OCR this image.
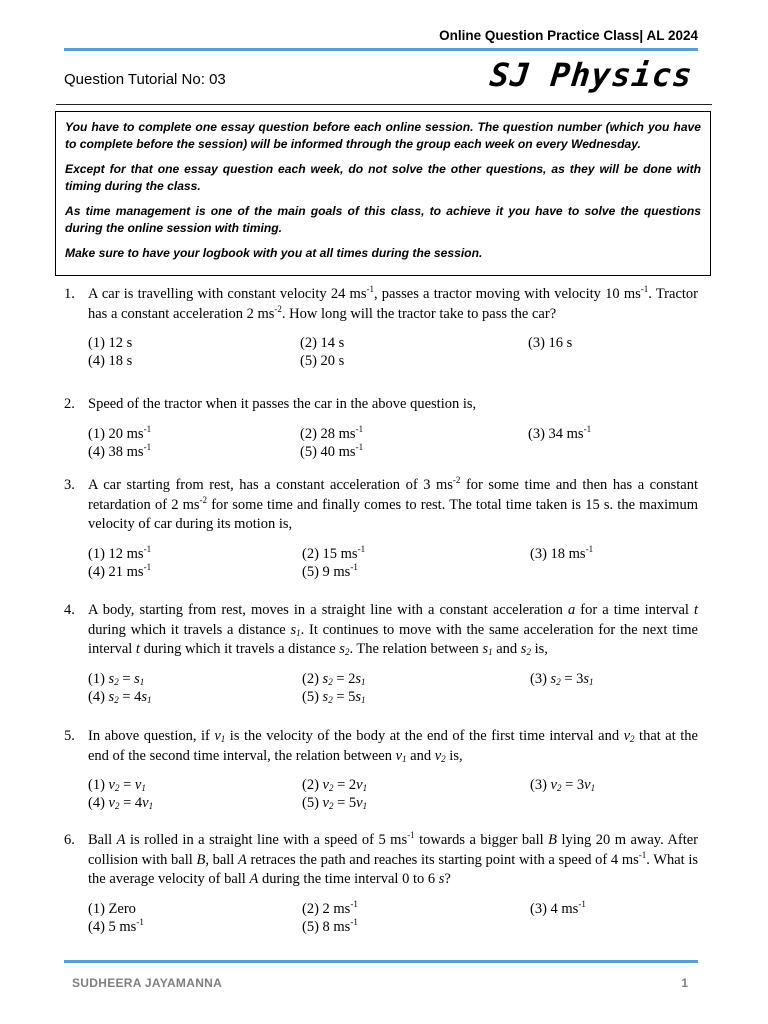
Online Question Practice Class| AL 2024
Question Tutorial No: 03	SJ Physics

You have to complete one essay question before each online session. The question number (which you have to complete before the session) will be informed through the group each week on every Wednesday.

Except for that one essay question each week, do not solve the other questions, as they will be done with timing during the class.

As time management is one of the main goals of this class, to achieve it you have to solve the questions during the online session with timing.

Make sure to have your logbook with you at all times during the session.

1. A car is travelling with constant velocity 24 $ms^{-1}$, passes a tractor moving with velocity 10 $ms^{-1}$. Tractor has a constant acceleration 2 $ms^{-2}$. How long will the tractor take to pass the car?
(1) 12 s	(2) 14 s	(3) 16 s
(4) 18 s	(5) 20 s
2. Speed of the tractor when it passes the car in the above question is,
(1) 20 $ms^{-1}$	(2) 28 $ms^{-1}$	(3) 34 $ms^{-1}$
(4) 38 $ms^{-1}$	(5) 40 $ms^{-1}$
3. A car starting from rest, has a constant acceleration of 3 $ms^{-2}$ for some time and then has a constant retardation of 2 $ms^{-2}$ for some time and finally comes to rest. The total time taken is 15 s. the maximum velocity of car during its motion is,
(1) 12 $ms^{-1}$	(2) 15 $ms^{-1}$	(3) 18 $ms^{-1}$
(4) 21 $ms^{-1}$	(5) 9 $ms^{-1}$
4. A body, starting from rest, moves in a straight line with a constant acceleration a for a time interval t during which it travels a distance $s_1$. It continues to move with the same acceleration for the next time interval t during which it travels a distance $s_2$. The relation between $s_1$ and $s_2$ is,
(1) $s_2 = s_1$	(2) $s_2 = 2s_1$	(3) $s_2 = 3s_1$
(4) $s_2 = 4s_1$	(5) $s_2 = 5s_1$
5. In above question, if $v_1$ is the velocity of the body at the end of the first time interval and $v_2$ that at the end of the second time interval, the relation between $v_1$ and $v_2$ is,
(1) $v_2 = v_1$	(2) $v_2 = 2v_1$	(3) $v_2 = 3v_1$
(4) $v_2 = 4v_1$	(5) $v_2 = 5v_1$
6. Ball A is rolled in a straight line with a speed of 5 $ms^{-1}$ towards a bigger ball B lying 20 m away. After collision with ball B, ball A retraces the path and reaches its starting point with a speed of 4 $ms^{-1}$. What is the average velocity of ball A during the time interval 0 to 6 s?
(1) Zero	(2) 2 $ms^{-1}$	(3) 4 $ms^{-1}$
(4) 5 $ms^{-1}$	(5) 8 $ms^{-1}$
SUDHEERA JAYAMANNA	1
